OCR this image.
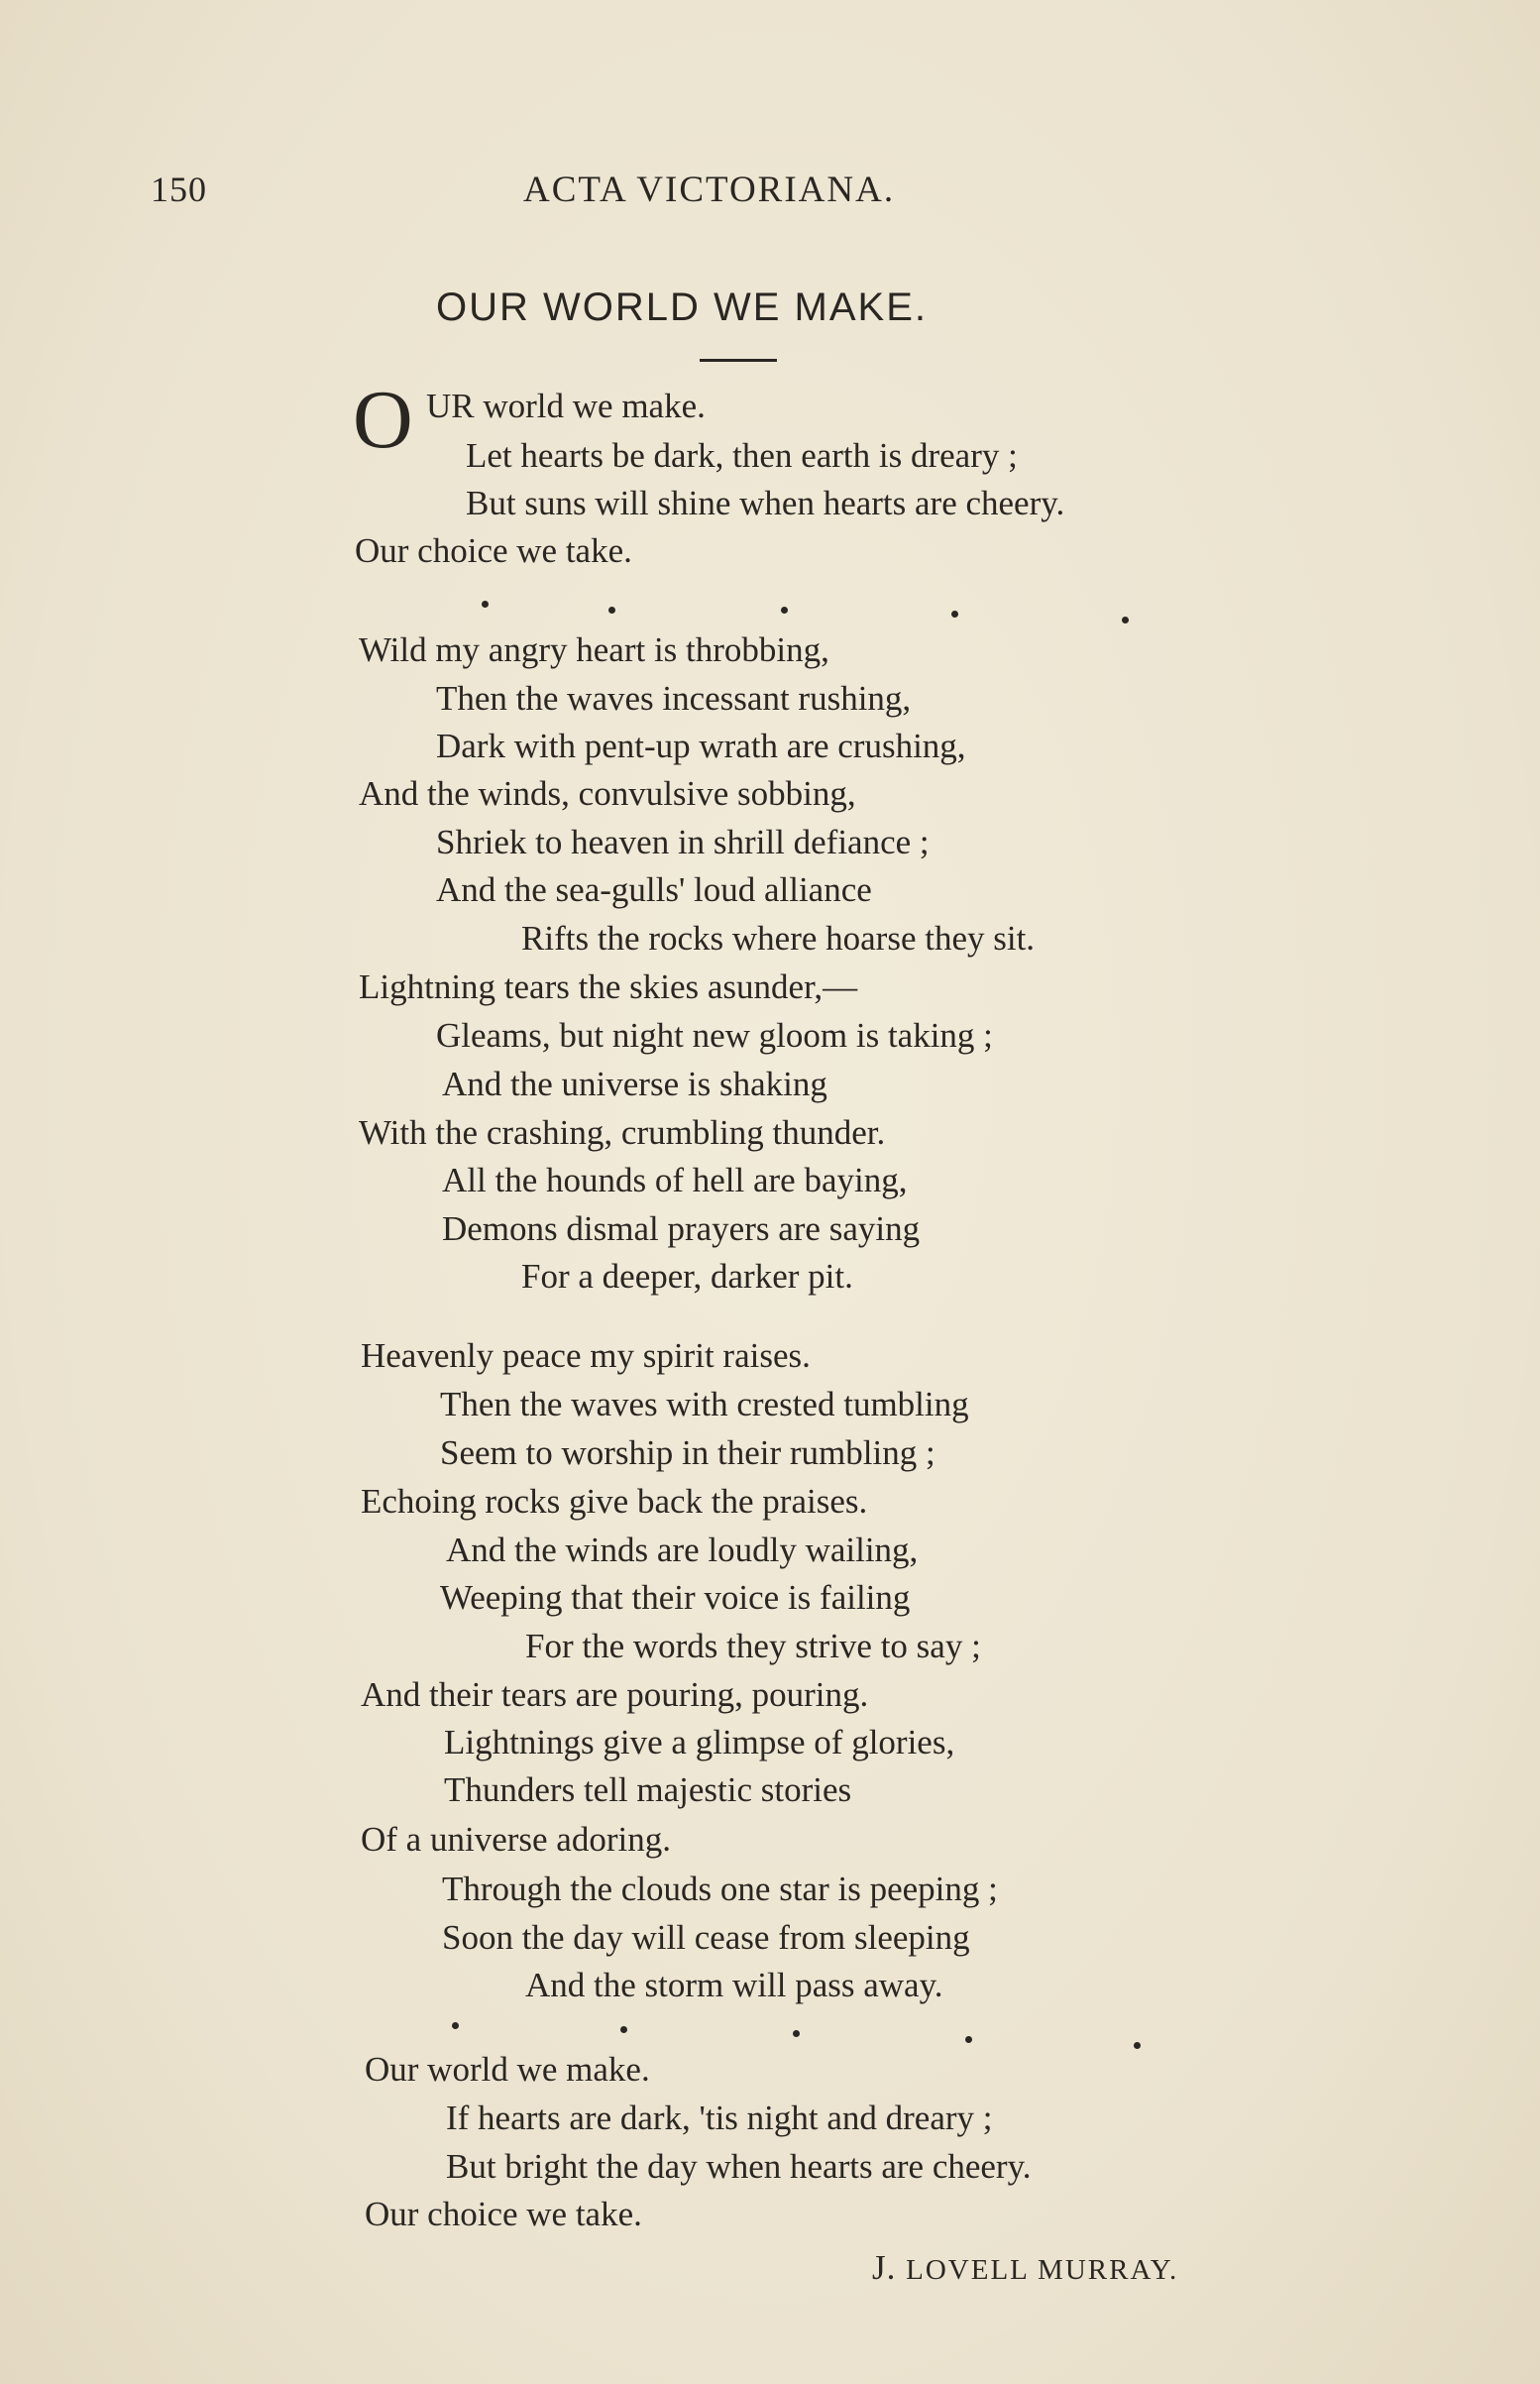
150	ACTA VICTORIANA.
OUR WORLD WE MAKE.
O UR world we make.
Let hearts be dark, then earth is dreary ;
But suns will shine when hearts are cheery.
Our choice we take.
Wild my angry heart is throbbing,
Then the waves incessant rushing,
Dark with pent-up wrath are crushing,
And the winds, convulsive sobbing,
Shriek to heaven in shrill defiance ;
And the sea-gulls' loud alliance
Rifts the rocks where hoarse they sit.
Lightning tears the skies asunder,—
Gleams, but night new gloom is taking ;
And the universe is shaking
With the crashing, crumbling thunder.
All the hounds of hell are baying,
Demons dismal prayers are saying
For a deeper, darker pit.
Heavenly peace my spirit raises.
Then the waves with crested tumbling
Seem to worship in their rumbling ;
Echoing rocks give back the praises.
And the winds are loudly wailing,
Weeping that their voice is failing
For the words they strive to say ;
And their tears are pouring, pouring.
Lightnings give a glimpse of glories,
Thunders tell majestic stories
Of a universe adoring.
Through the clouds one star is peeping ;
Soon the day will cease from sleeping
And the storm will pass away.
Our world we make.
If hearts are dark, 'tis night and dreary ;
But bright the day when hearts are cheery.
Our choice we take.
J. LOVELL MURRAY.
